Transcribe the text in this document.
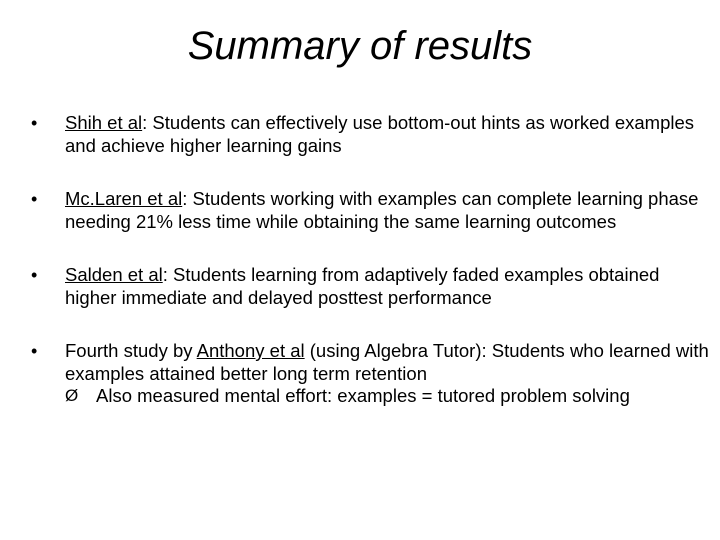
Summary of results
• Shih et al: Students can effectively use bottom-out hints as worked examples and achieve higher learning gains
• Mc.Laren et al: Students working with examples can complete learning phase needing 21% less time while obtaining the same learning outcomes
• Salden et al: Students learning from adaptively faded examples obtained higher immediate and delayed posttest performance
• Fourth study by Anthony et al (using Algebra Tutor): Students who learned with examples attained better long term retention
Ø Also measured mental effort: examples = tutored problem solving
